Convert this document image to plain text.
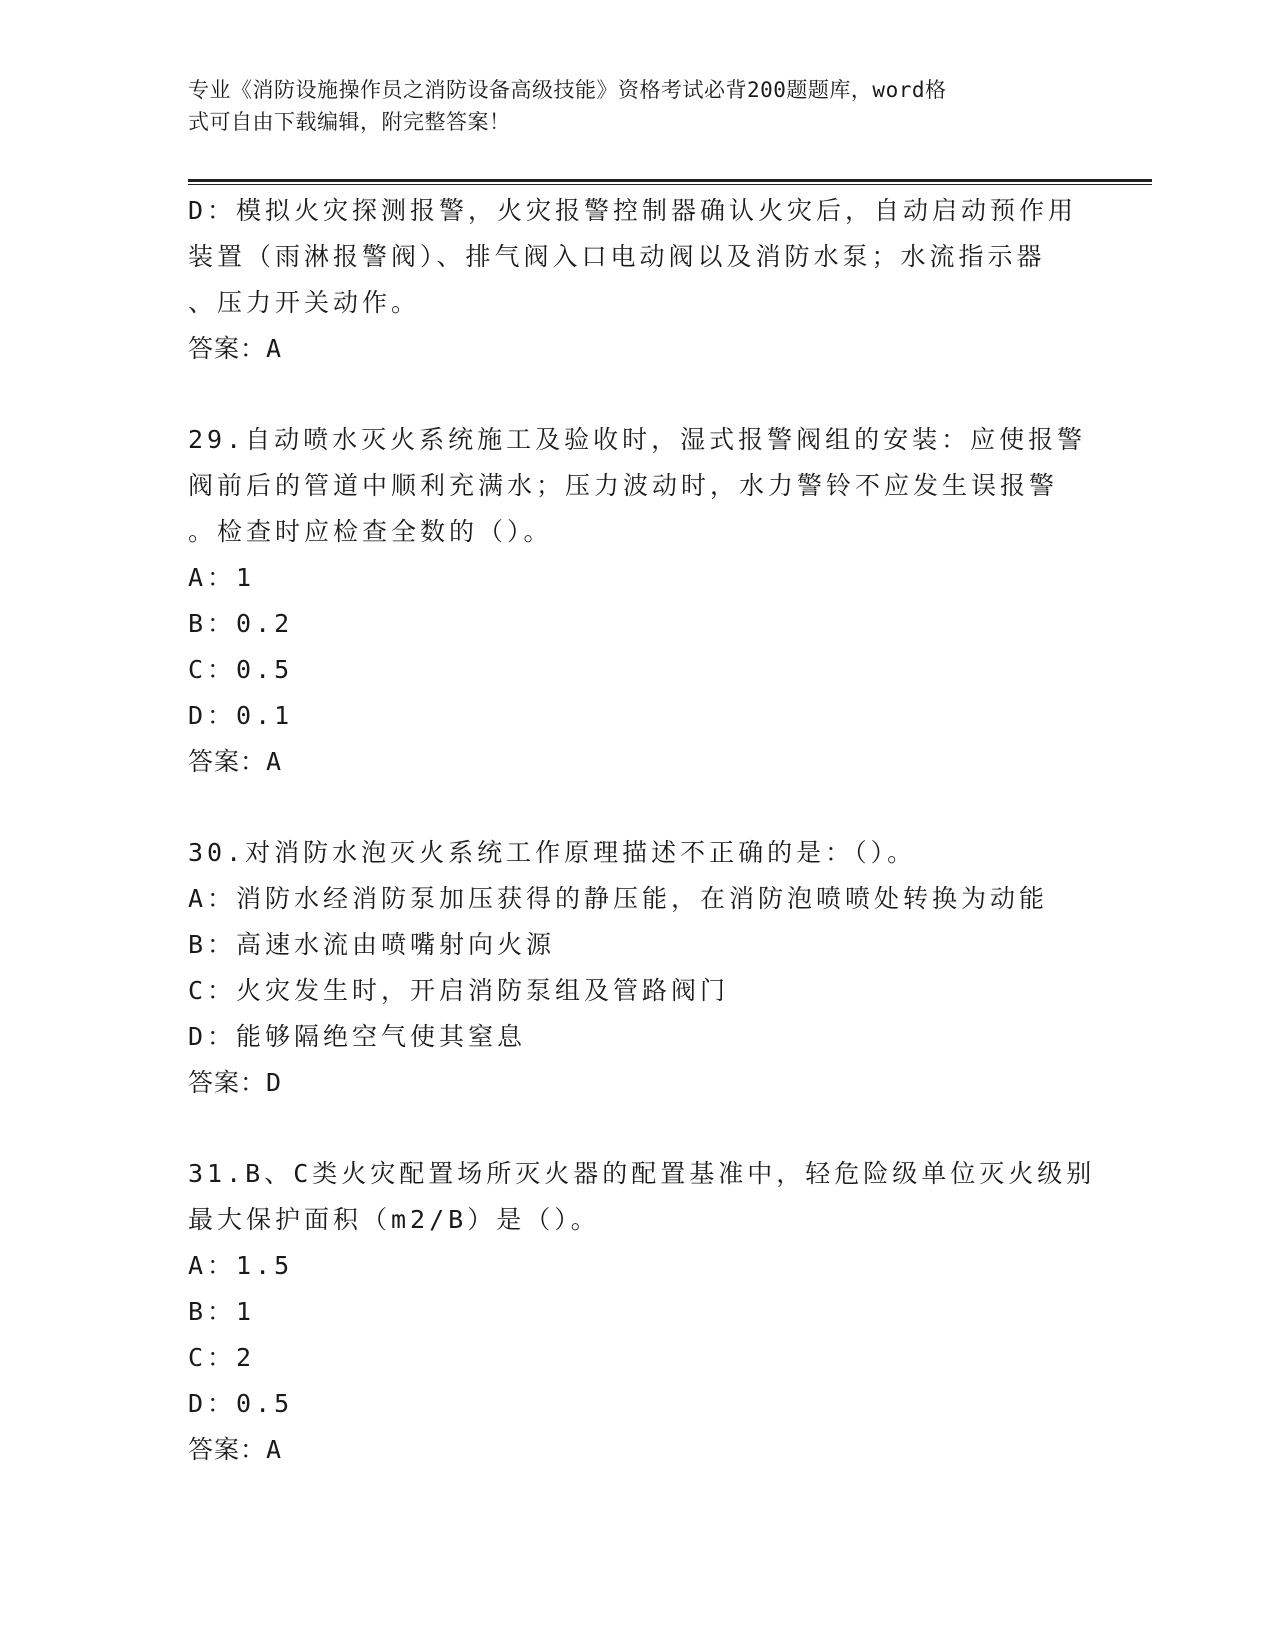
专业《消防设施操作员之消防设备高级技能》资格考试必背200题题库，word格

式可自由下载编辑，附完整答案！

D：模拟火灾探测报警，火灾报警控制器确认火灾后，自动启动预作用

装置（雨淋报警阀）、排气阀入口电动阀以及消防水泵；水流指示器

、压力开关动作。

答案：A

29.自动喷水灭火系统施工及验收时，湿式报警阀组的安装：应使报警

阀前后的管道中顺利充满水；压力波动时，水力警铃不应发生误报警

。检查时应检查全数的（）。

A：1

B：0.2

C：0.5

D：0.1

答案：A

30.对消防水泡灭火系统工作原理描述不正确的是：（）。

A：消防水经消防泵加压获得的静压能，在消防泡喷喷处转换为动能

B：高速水流由喷嘴射向火源

C：火灾发生时，开启消防泵组及管路阀门

D：能够隔绝空气使其窒息

答案：D

31.B、C类火灾配置场所灭火器的配置基准中，轻危险级单位灭火级别

最大保护面积（m2/B）是（）。

A：1.5

B：1

C：2

D：0.5

答案：A
